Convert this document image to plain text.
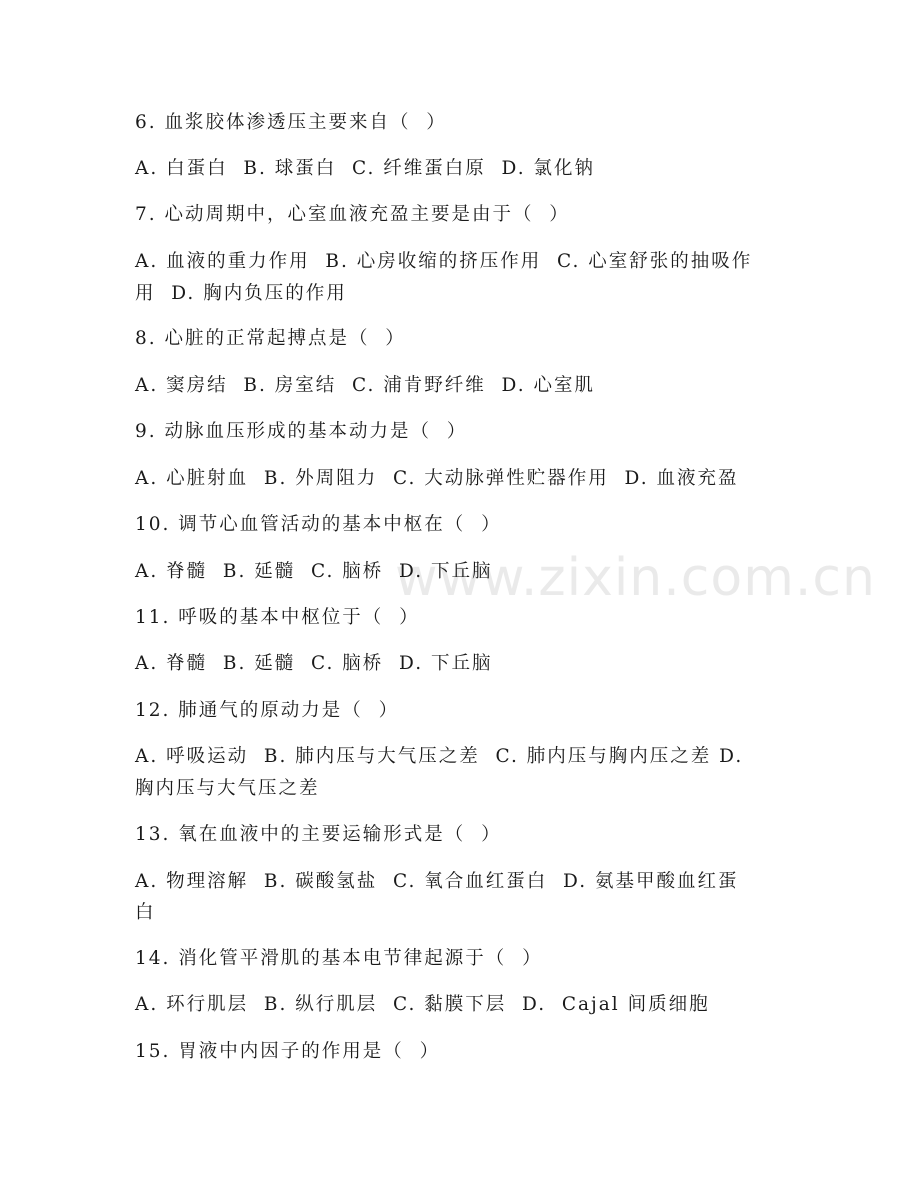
www.zixin.com.cn

6. 血浆胶体渗透压主要来自（  ）

A. 白蛋白  B. 球蛋白  C. 纤维蛋白原  D. 氯化钠

7. 心动周期中，心室血液充盈主要是由于（  ）

A. 血液的重力作用  B. 心房收缩的挤压作用  C. 心室舒张的抽吸作

用  D. 胸内负压的作用

8. 心脏的正常起搏点是（  ）

A. 窦房结  B. 房室结  C. 浦肯野纤维  D. 心室肌

9. 动脉血压形成的基本动力是（  ）

A. 心脏射血  B. 外周阻力  C. 大动脉弹性贮器作用  D. 血液充盈

10. 调节心血管活动的基本中枢在（  ）

A. 脊髓  B. 延髓  C. 脑桥  D. 下丘脑

11. 呼吸的基本中枢位于（  ）

A. 脊髓  B. 延髓  C. 脑桥  D. 下丘脑

12. 肺通气的原动力是（  ）

A. 呼吸运动  B. 肺内压与大气压之差  C. 肺内压与胸内压之差 D.

胸内压与大气压之差

13. 氧在血液中的主要运输形式是（  ）

A. 物理溶解  B. 碳酸氢盐  C. 氧合血红蛋白  D. 氨基甲酸血红蛋

白

14. 消化管平滑肌的基本电节律起源于（  ）

A. 环行肌层  B. 纵行肌层  C. 黏膜下层  D.  Cajal 间质细胞

15. 胃液中内因子的作用是（  ）
